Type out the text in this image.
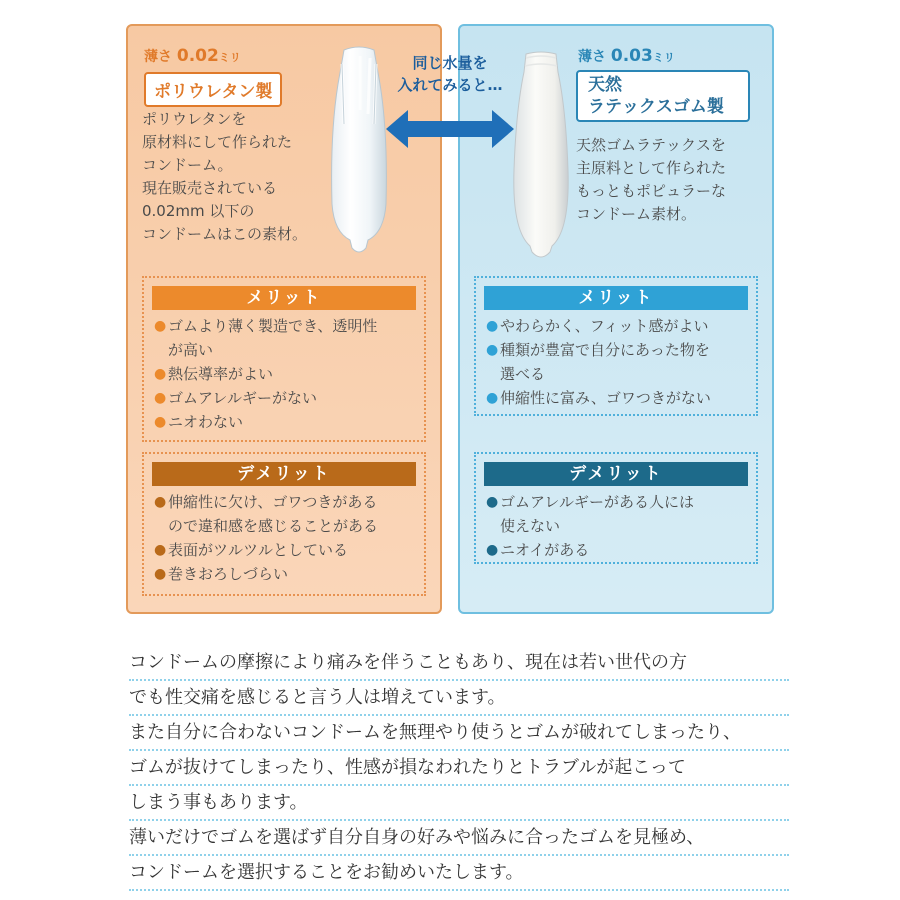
薄さ 0.02ミリ
ポリウレタン製
ポリウレタンを
原材料にして作られた
コンドーム。
現在販売されている
0.02mm 以下の
コンドームはこの素材。
メリット
● ゴムより薄く製造でき、透明性
が高い
● 熱伝導率がよい
● ゴムアレルギーがない
● ニオわない
デメリット
● 伸縮性に欠け、ゴワつきがある
ので違和感を感じることがある
● 表面がツルツルとしている
● 巻きおろしづらい
薄さ 0.03ミリ
天然
ラテックスゴム製
天然ゴムラテックスを
主原料として作られた
もっともポピュラーな
コンドーム素材。
メリット
● やわらかく、フィット感がよい
● 種類が豊富で自分にあった物を
選べる
● 伸縮性に富み、ゴワつきがない
デメリット
● ゴムアレルギーがある人には
使えない
● ニオイがある
同じ水量を
入れてみると…
コンドームの摩擦により痛みを伴うこともあり、現在は若い世代の方
でも性交痛を感じると言う人は増えています。
また自分に合わないコンドームを無理やり使うとゴムが破れてしまったり、
ゴムが抜けてしまったり、性感が損なわれたりとトラブルが起こって
しまう事もあります。
薄いだけでゴムを選ばず自分自身の好みや悩みに合ったゴムを見極め、
コンドームを選択することをお勧めいたします。
